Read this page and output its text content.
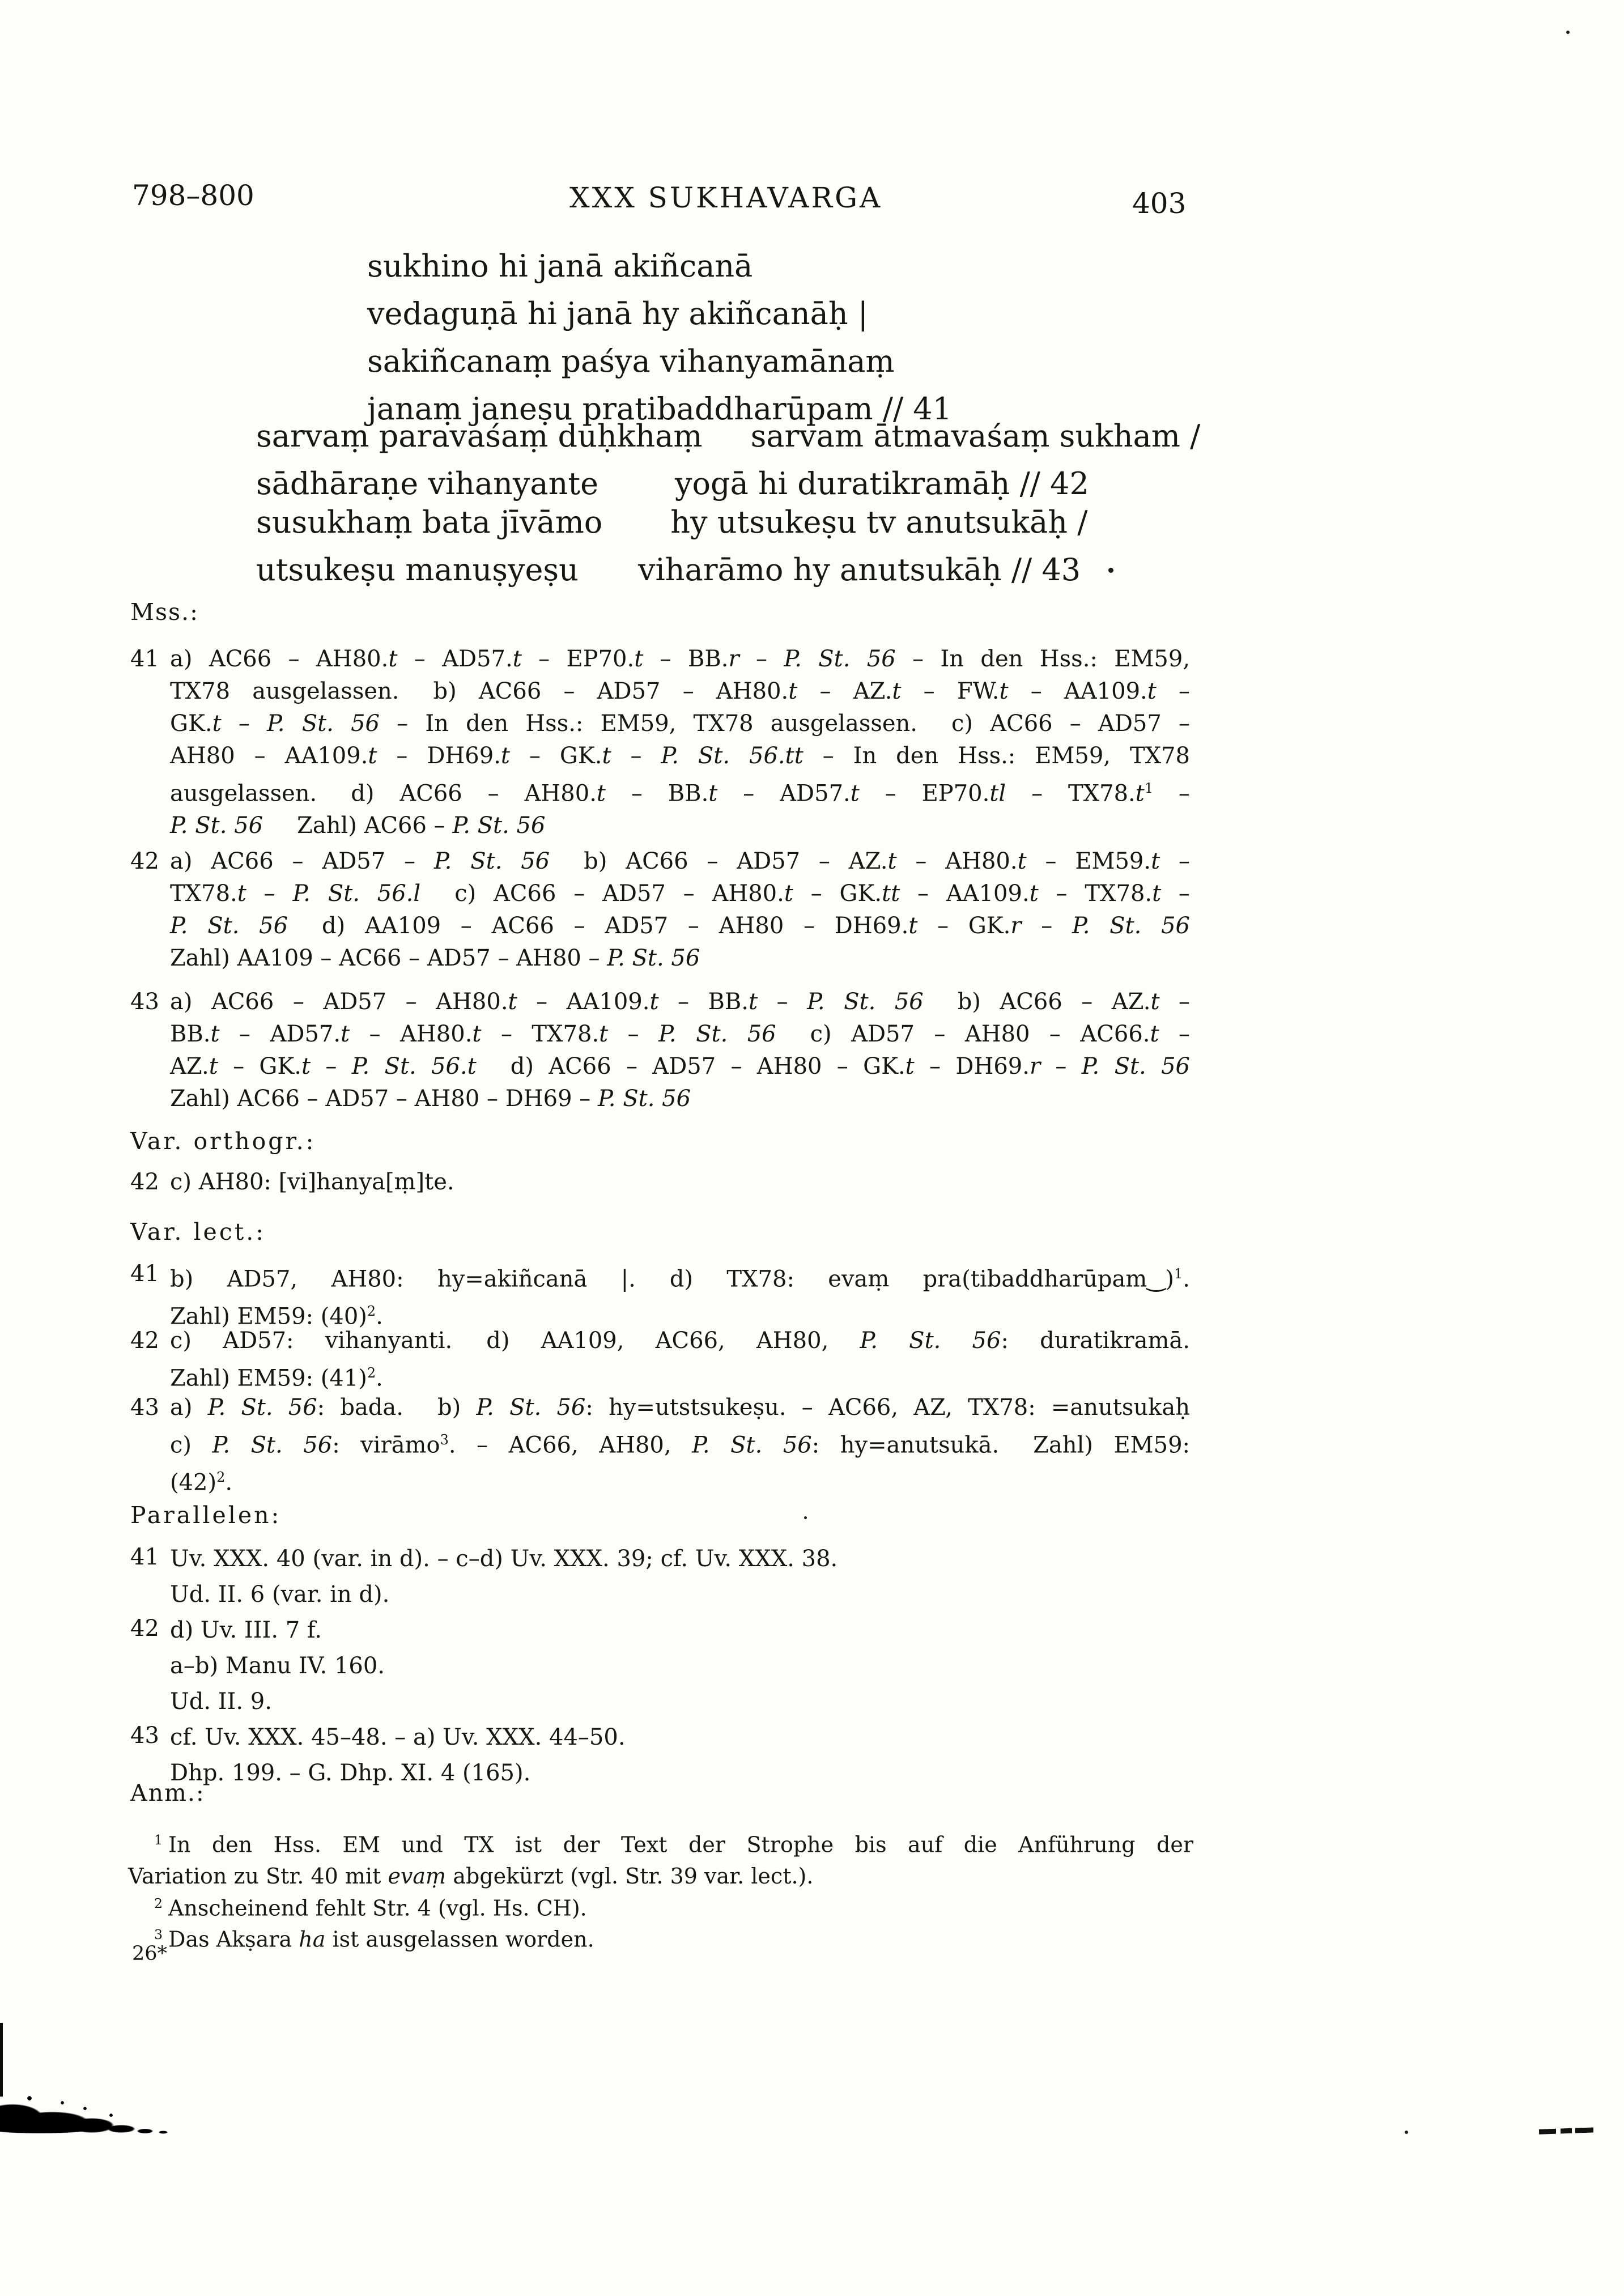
798–800	XXX SUKHAVARGA	403
sukhino hi janā akiñcanā
vedaguṇā hi janā hy akiñcanāḥ |
sakiñcanaṃ paśya vihanyamānaṃ
janaṃ janeṣu pratibaddharūpam // 41
sarvaṃ paravaśaṃ duḥkhaṃ sarvam ātmavaśaṃ sukham /
sādhāraṇe vihanyante	yogā hi duratikramāḥ // 42
susukhaṃ bata jīvāmo hy utsukeṣu tv anutsukāḥ /
utsukeṣu manuṣyeṣu viharāmo hy anutsukāḥ // 43
Mss.:
41 a) AC66 – AH80.t – AD57.t – EP70.t – BB.r – P. St. 56 – In den Hss.: EM59,
TX78 ausgelassen.  b) AC66 – AD57 – AH80.t – AZ.t – FW.t – AA109.t –
GK.t – P. St. 56 – In den Hss.: EM59, TX78 ausgelassen.  c) AC66 – AD57 –
AH80 – AA109.t – DH69.t – GK.t – P. St. 56.tt – In den Hss.: EM59, TX78
ausgelassen.  d) $AC66 - AH80.t - BB.t - AD57.t - EP70.tl - TX78.t^1$ –
P. St. 56  Zahl) AC66 – P. St. 56
42 a) AC66 – AD57 – P. St. 56  b) AC66 – AD57 – AZ.t – AH80.t – EM59.t –
TX78.t – P. St. 56.l  c) AC66 – AD57 – AH80.t – GK.tt – AA109.t – TX78.t –
P. St. 56  d) AA109 – AC66 – AD57 – AH80 – DH69.t – GK.r – P. St. 56
Zahl) AA109 – AC66 – AD57 – AH80 – P. St. 56
43 a) AC66 – AD57 – AH80.t – AA109.t – BB.t – P. St. 56  b) AC66 – AZ.t –
BB.t – AD57.t – AH80.t – TX78.t – P. St. 56  c) AD57 – AH80 – AC66.t –
AZ.t – GK.t – P. St. 56.t  d) AC66 – AD57 – AH80 – GK.t – DH69.r – P. St. 56
Zahl) AC66 – AD57 – AH80 – DH69 – P. St. 56
Var. orthogr.:
42 c) AH80: [vi]hanya[ṃ]te.
Var. lect.:
41 b) AD57, AH80: hy=akiñcanā |.  d) TX78: evaṃ pra(tibaddharūpam‿)$^1$.
Zahl) EM59: $(40)^2$.
42 c) AD57: vihanyanti.  d) AA109, AC66, AH80, P. St. 56: duratikramā.
Zahl) EM59: $(41)^2$.
43 a) P. St. 56: bada.  b) P. St. 56: hy=utstsukeṣu. – AC66, AZ, TX78: =anutsukaḥ
c) P. St. 56: virāmo$^3$. – AC66, AH80, P. St. 56: hy=anutsukā.  Zahl) EM59:
$(42)^2$.
Parallelen:
41 Uv. XXX. 40 (var. in d). – c–d) Uv. XXX. 39; cf. Uv. XXX. 38.
Ud. II. 6 (var. in d).
42 d) Uv. III. 7 f.
a–b) Manu IV. 160.
Ud. II. 9.
43 cf. Uv. XXX. 45–48. – a) Uv. XXX. 44–50.
Dhp. 199. – G. Dhp. XI. 4 (165).
Anm.:
$^1$ In den Hss. EM und TX ist der Text der Strophe bis auf die Anführung der
Variation zu Str. 40 mit evaṃ abgekürzt (vgl. Str. 39 var. lect.).
$^2$ Anscheinend fehlt Str. 4 (vgl. Hs. CH).
$^3$ Das Akṣara ha ist ausgelassen worden.
26*
